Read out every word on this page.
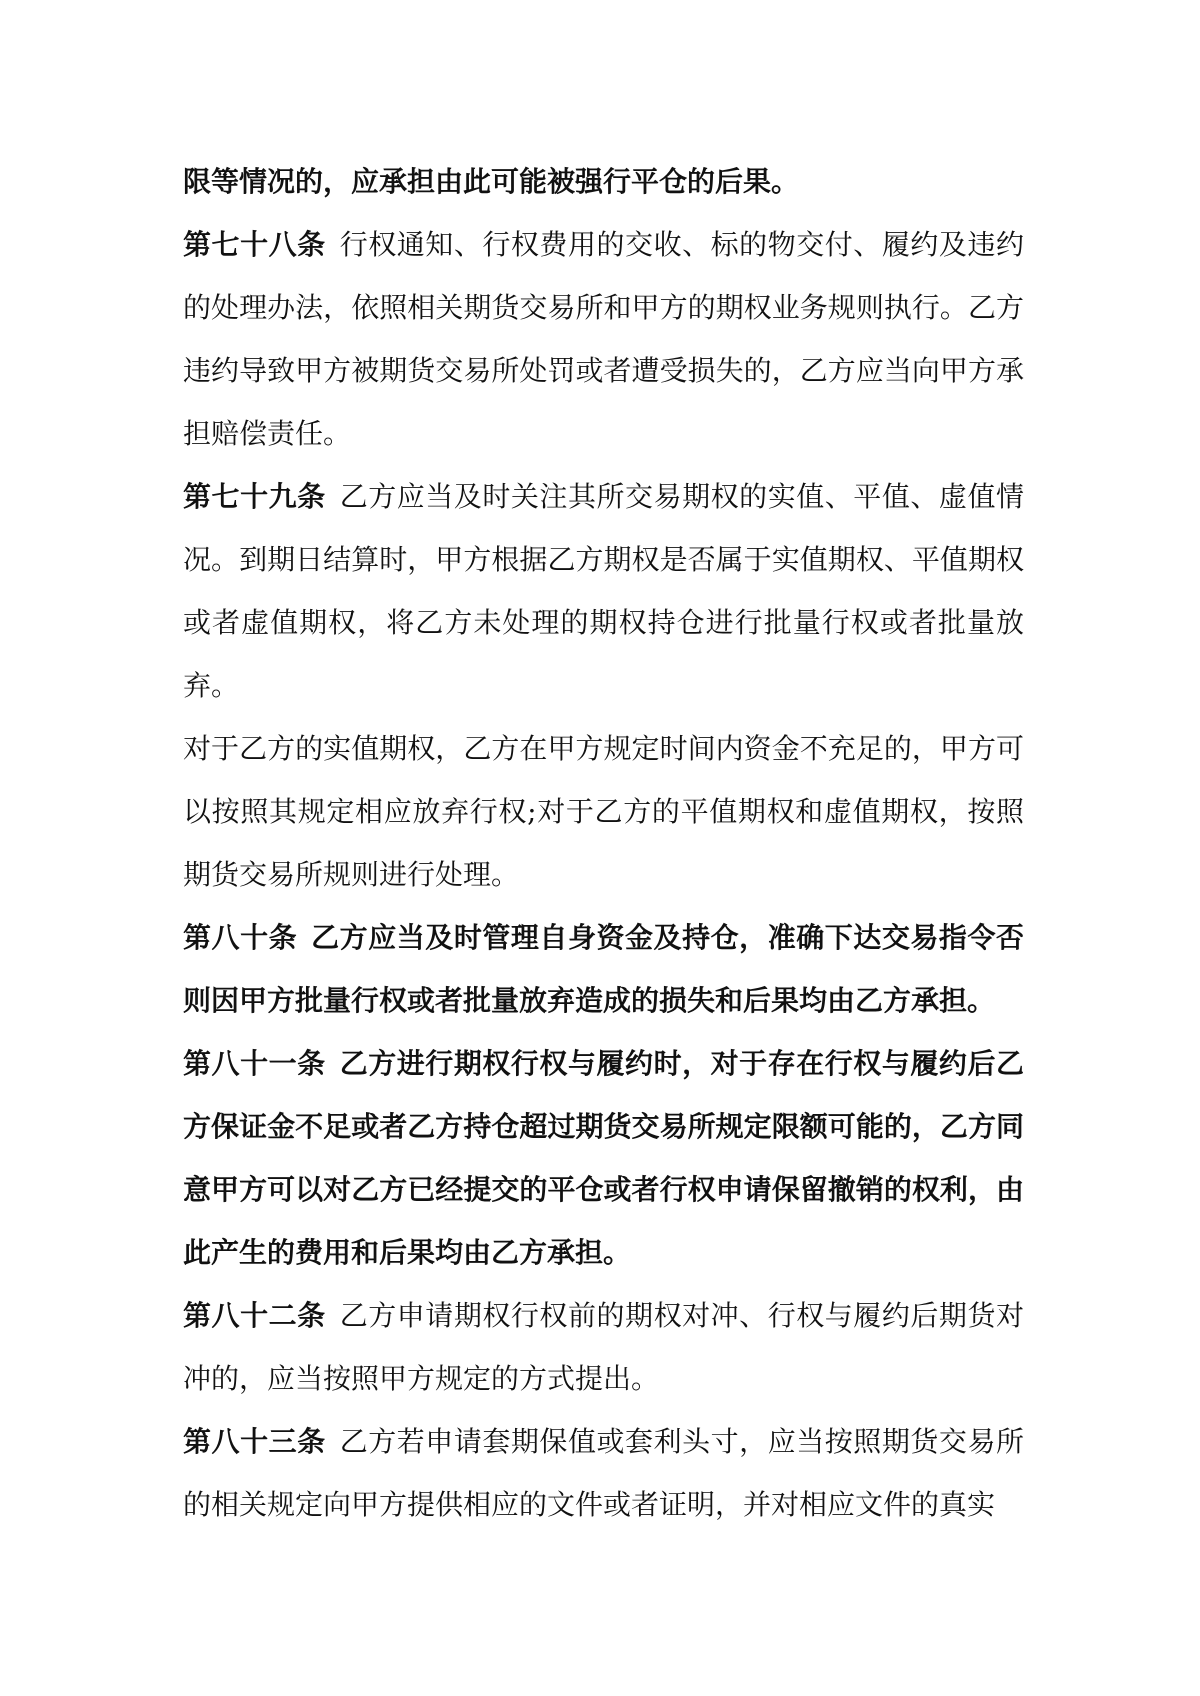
限等情况的，应承担由此可能被强行平仓的后果。

第七十八条 行权通知、行权费用的交收、标的物交付、履约及违约的处理办法，依照相关期货交易所和甲方的期权业务规则执行。乙方违约导致甲方被期货交易所处罚或者遭受损失的，乙方应当向甲方承担赔偿责任。

第七十九条 乙方应当及时关注其所交易期权的实值、平值、虚值情况。到期日结算时，甲方根据乙方期权是否属于实值期权、平值期权或者虚值期权，将乙方未处理的期权持仓进行批量行权或者批量放弃。

对于乙方的实值期权，乙方在甲方规定时间内资金不充足的，甲方可以按照其规定相应放弃行权;对于乙方的平值期权和虚值期权，按照期货交易所规则进行处理。

第八十条 乙方应当及时管理自身资金及持仓，准确下达交易指令否则因甲方批量行权或者批量放弃造成的损失和后果均由乙方承担。

第八十一条 乙方进行期权行权与履约时，对于存在行权与履约后乙方保证金不足或者乙方持仓超过期货交易所规定限额可能的，乙方同意甲方可以对乙方已经提交的平仓或者行权申请保留撤销的权利，由此产生的费用和后果均由乙方承担。

第八十二条 乙方申请期权行权前的期权对冲、行权与履约后期货对冲的，应当按照甲方规定的方式提出。

第八十三条 乙方若申请套期保值或套利头寸，应当按照期货交易所的相关规定向甲方提供相应的文件或者证明，并对相应文件的真实
